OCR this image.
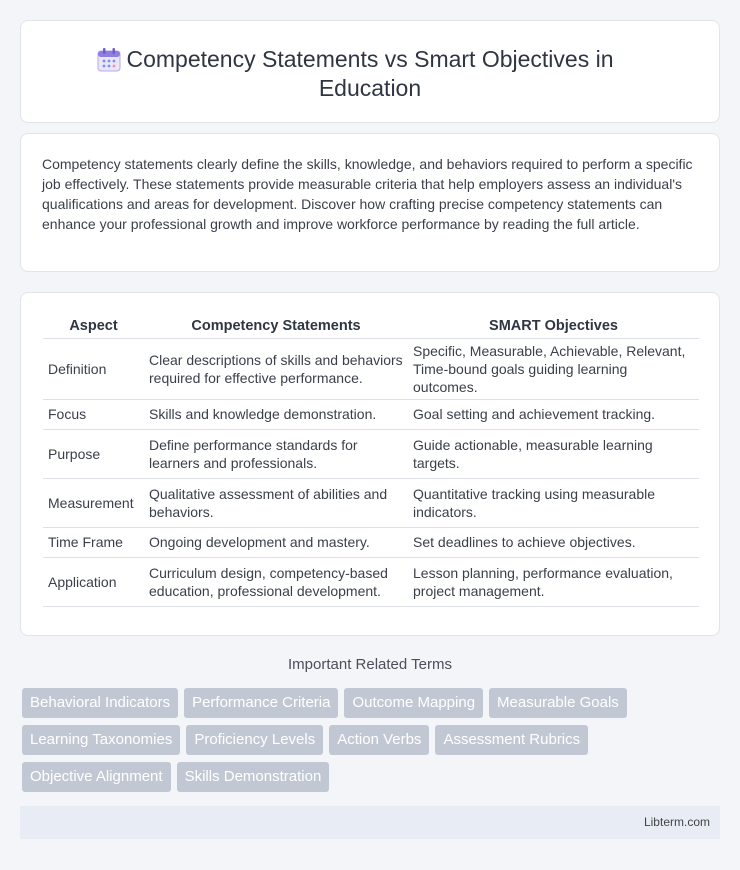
Competency Statements vs Smart Objectives in
Education

Competency statements clearly define the skills, knowledge, and behaviors required to perform a specific job effectively. These statements provide measurable criteria that help employers assess an individual's qualifications and areas for development. Discover how crafting precise competency statements can enhance your professional growth and improve workforce performance by reading the full article.

Aspect	Competency Statements	SMART Objectives
Definition	Clear descriptions of skills and behaviors required for effective performance.	Specific, Measurable, Achievable, Relevant, Time-bound goals guiding learning outcomes.
Focus	Skills and knowledge demonstration.	Goal setting and achievement tracking.
Purpose	Define performance standards for learners and professionals.	Guide actionable, measurable learning targets.
Measurement	Qualitative assessment of abilities and behaviors.	Quantitative tracking using measurable indicators.
Time Frame	Ongoing development and mastery.	Set deadlines to achieve objectives.
Application	Curriculum design, competency-based education, professional development.	Lesson planning, performance evaluation, project management.
Important Related Terms
Behavioral Indicators	Performance Criteria	Outcome Mapping	Measurable Goals
Learning Taxonomies	Proficiency Levels	Action Verbs	Assessment Rubrics
Objective Alignment	Skills Demonstration
Libterm.com
